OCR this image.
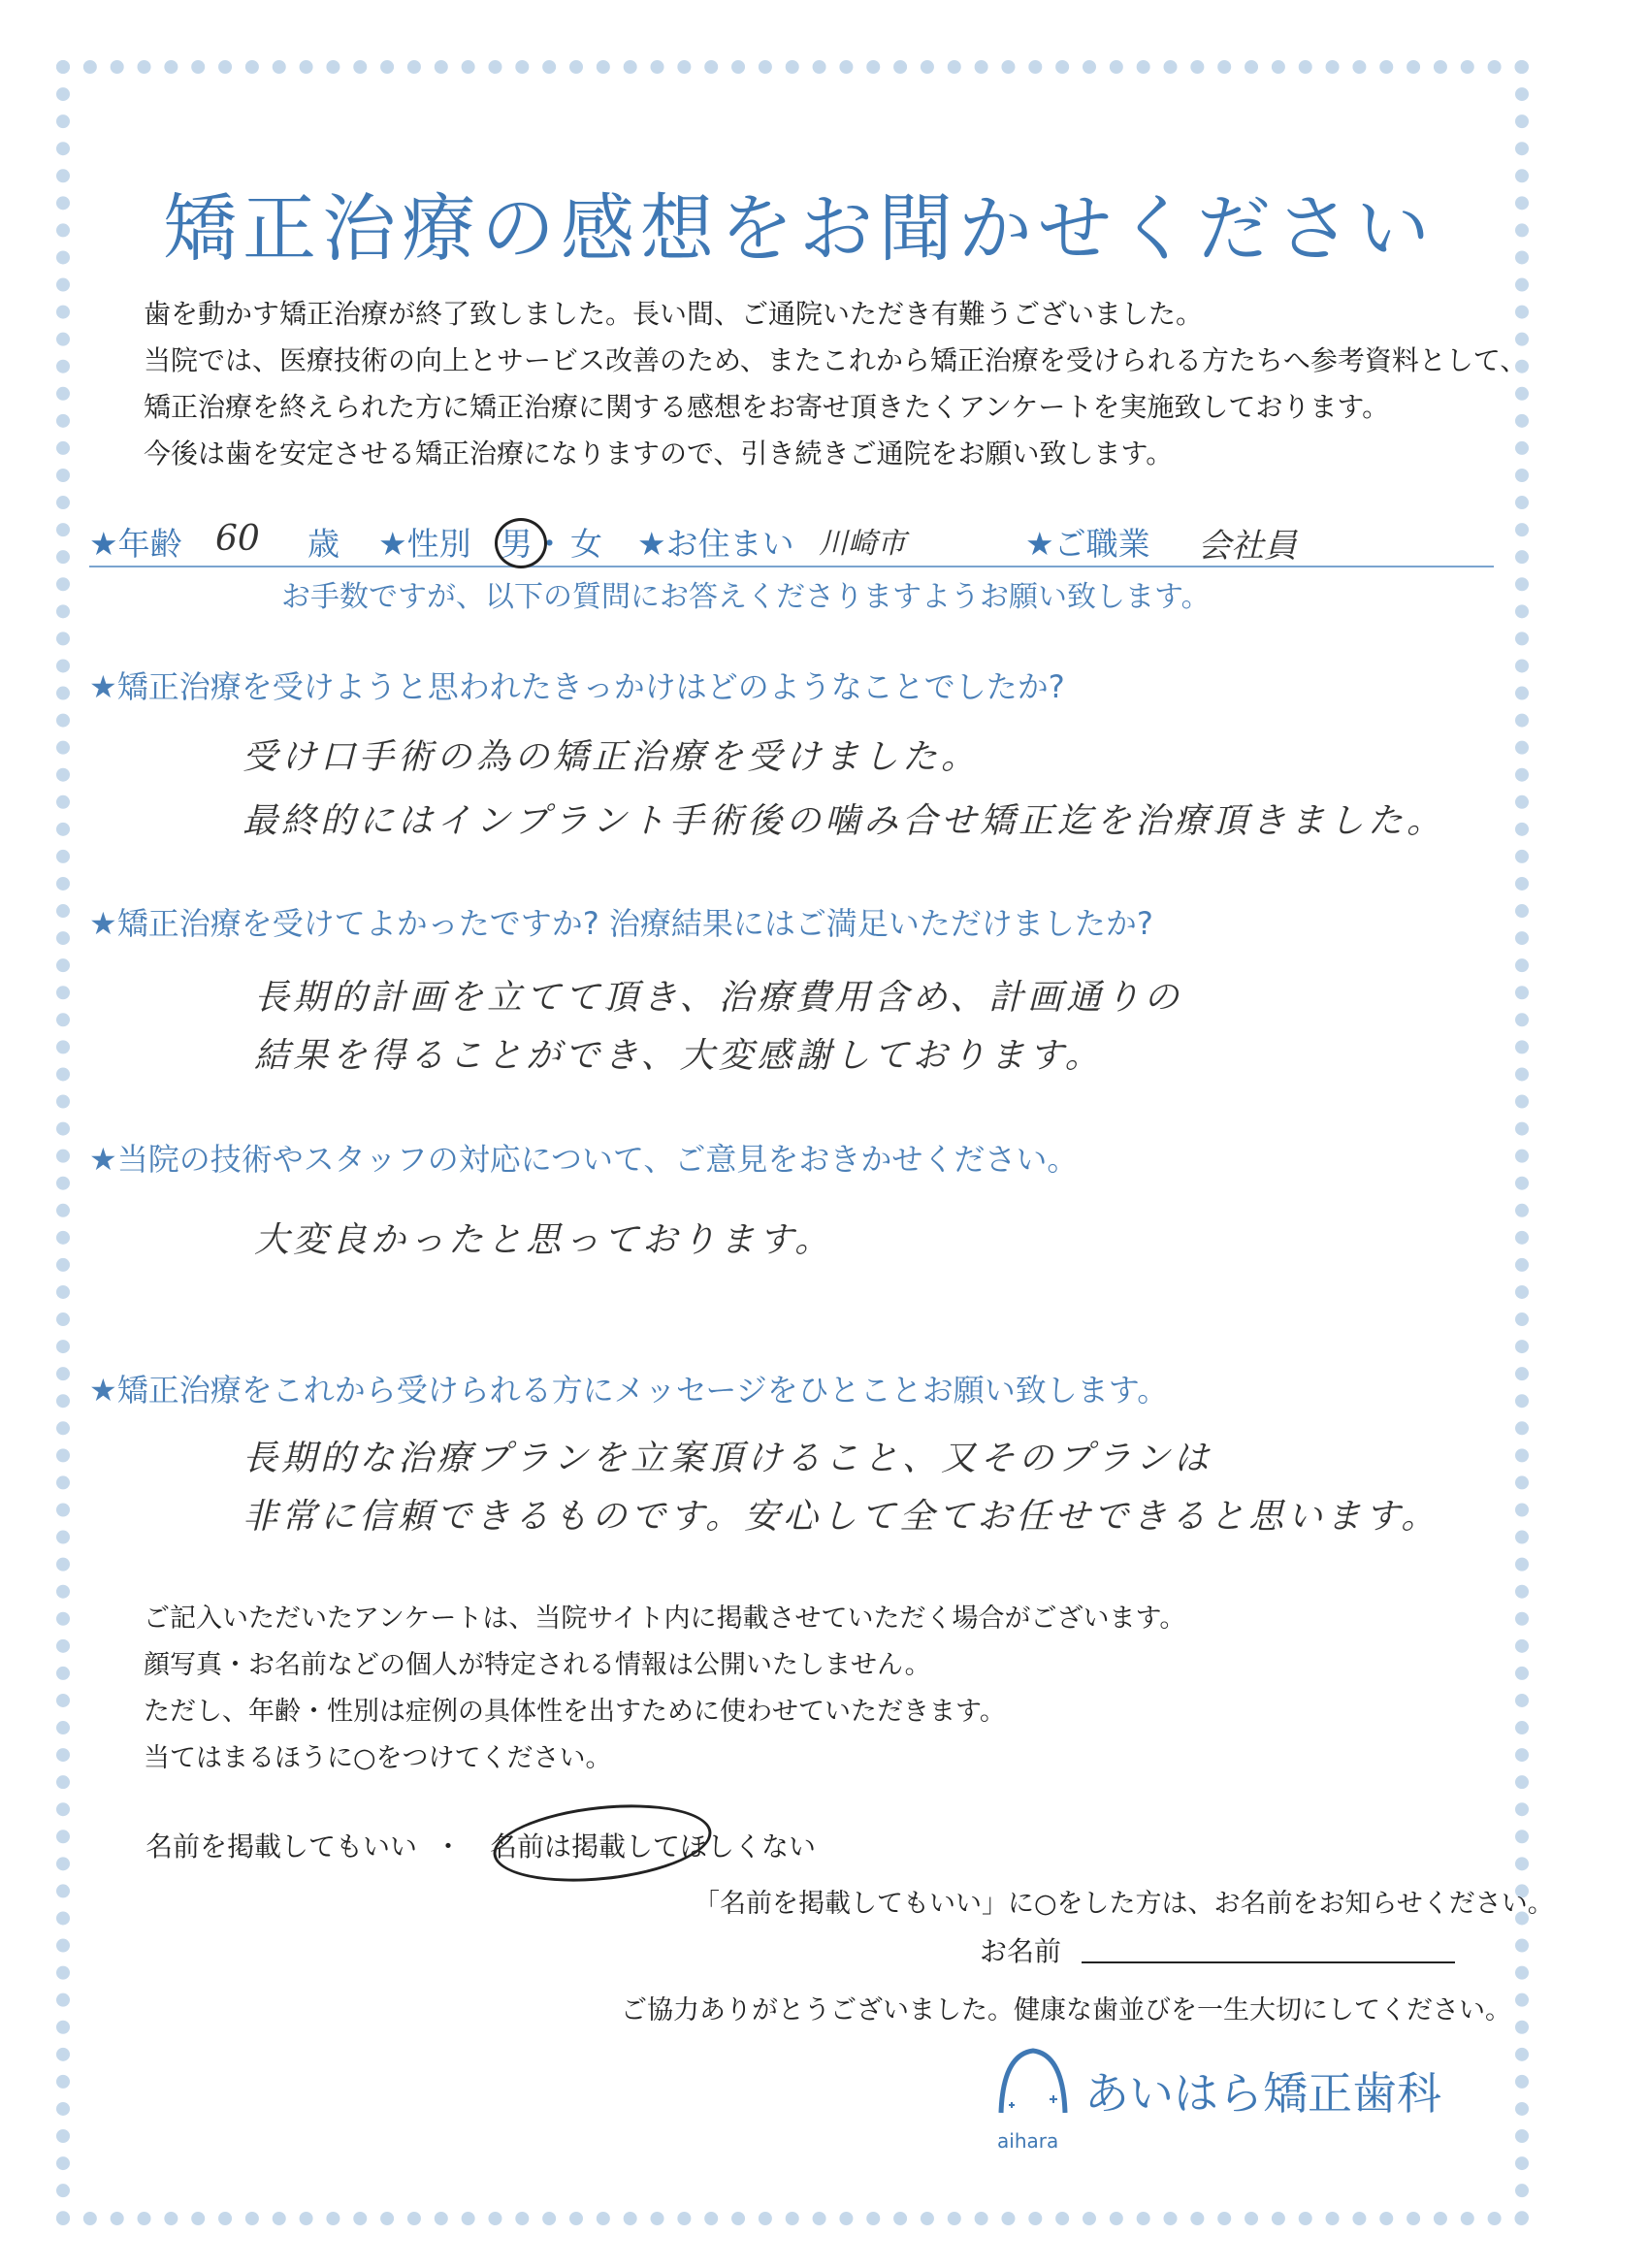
矯正治療の感想をお聞かせください
歯を動かす矯正治療が終了致しました。長い間、ご通院いただき有難うございました。
当院では、医療技術の向上とサービス改善のため、またこれから矯正治療を受けられる方たちへ参考資料として、
矯正治療を終えられた方に矯正治療に関する感想をお寄せ頂きたくアンケートを実施致しております。
今後は歯を安定させる矯正治療になりますので、引き続きご通院をお願い致します。
★年齢 60 歳 ★性別 男 ・ 女 ★お住まい 川崎市	★ご職業 会社員
お手数ですが、以下の質問にお答えくださりますようお願い致します。
★矯正治療を受けようと思われたきっかけはどのようなことでしたか?
受け口手術の為の矯正治療を受けました。
最終的にはインプラント手術後の噛み合せ矯正迄を治療頂きました。
★矯正治療を受けてよかったですか? 治療結果にはご満足いただけましたか?
長期的計画を立てて頂き、治療費用含め、計画通りの
結果を得ることができ、大変感謝しております。
★当院の技術やスタッフの対応について、ご意見をおきかせください。
大変良かったと思っております。
★矯正治療をこれから受けられる方にメッセージをひとことお願い致します。
長期的な治療プランを立案頂けること、又そのプランは
非常に信頼できるものです。安心して全てお任せできると思います。
ご記入いただいたアンケートは、当院サイト内に掲載させていただく場合がございます。
顔写真・お名前などの個人が特定される情報は公開いたしません。
ただし、年齢・性別は症例の具体性を出すために使わせていただきます。
当てはまるほうに○をつけてください。
名前を掲載してもいい ・ 名前は掲載してほしくない
「名前を掲載してもいい」に○をした方は、お名前をお知らせください。
お名前
ご協力ありがとうございました。健康な歯並びを一生大切にしてください。
あいはら矯正歯科
aihara
